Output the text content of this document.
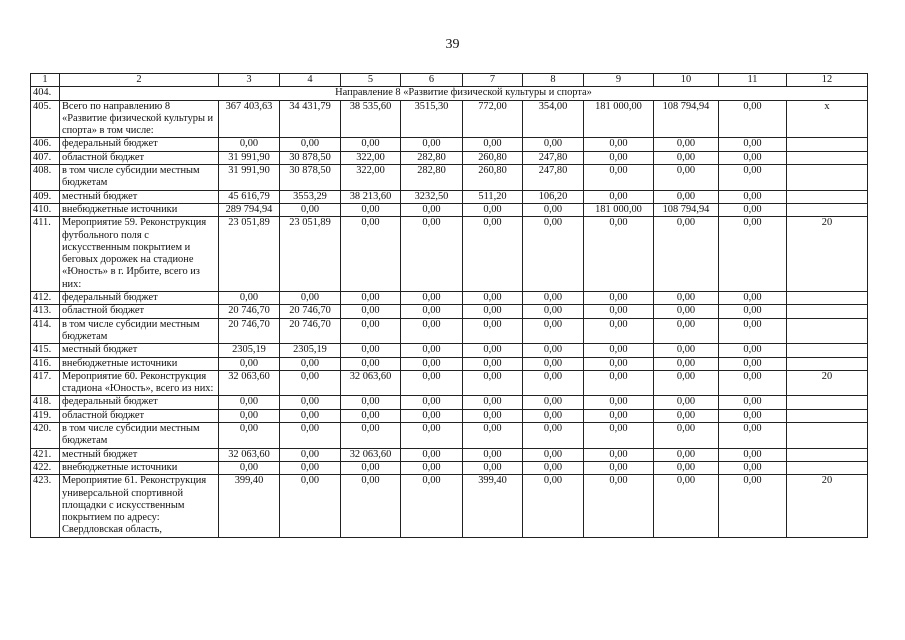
39
1	2	3	4	5	6	7	8	9	10	11	12
404.	Направление 8 «Развитие физической культуры и спорта»										
405.	Всего по направлению 8 «Развитие физической культуры и спорта» в том числе:	367 403,63	34 431,79	38 535,60	3515,30	772,00	354,00	181 000,00	108 794,94	0,00	х
406.	федеральный бюджет	0,00	0,00	0,00	0,00	0,00	0,00	0,00	0,00	0,00	
407.	областной бюджет	31 991,90	30 878,50	322,00	282,80	260,80	247,80	0,00	0,00	0,00	
408.	в том числе субсидии местным бюджетам	31 991,90	30 878,50	322,00	282,80	260,80	247,80	0,00	0,00	0,00	
409.	местный бюджет	45 616,79	3553,29	38 213,60	3232,50	511,20	106,20	0,00	0,00	0,00	
410.	внебюджетные источники	289 794,94	0,00	0,00	0,00	0,00	0,00	181 000,00	108 794,94	0,00	
411.	Мероприятие 59. Реконструкция футбольного поля с искусственным покрытием и беговых дорожек на стадионе «Юность» в г. Ирбите, всего из них:	23 051,89	23 051,89	0,00	0,00	0,00	0,00	0,00	0,00	0,00	20
412.	федеральный бюджет	0,00	0,00	0,00	0,00	0,00	0,00	0,00	0,00	0,00	
413.	областной бюджет	20 746,70	20 746,70	0,00	0,00	0,00	0,00	0,00	0,00	0,00	
414.	в том числе субсидии местным бюджетам	20 746,70	20 746,70	0,00	0,00	0,00	0,00	0,00	0,00	0,00	
415.	местный бюджет	2305,19	2305,19	0,00	0,00	0,00	0,00	0,00	0,00	0,00	
416.	внебюджетные источники	0,00	0,00	0,00	0,00	0,00	0,00	0,00	0,00	0,00	
417.	Мероприятие 60. Реконструкция стадиона «Юность», всего из них:	32 063,60	0,00	32 063,60	0,00	0,00	0,00	0,00	0,00	0,00	20
418.	федеральный бюджет	0,00	0,00	0,00	0,00	0,00	0,00	0,00	0,00	0,00	
419.	областной бюджет	0,00	0,00	0,00	0,00	0,00	0,00	0,00	0,00	0,00	
420.	в том числе субсидии местным бюджетам	0,00	0,00	0,00	0,00	0,00	0,00	0,00	0,00	0,00	
421.	местный бюджет	32 063,60	0,00	32 063,60	0,00	0,00	0,00	0,00	0,00	0,00	
422.	внебюджетные источники	0,00	0,00	0,00	0,00	0,00	0,00	0,00	0,00	0,00	
423.	Мероприятие 61. Реконструкция универсальной спортивной площадки с искусственным покрытием по адресу: Свердловская область,	399,40	0,00	0,00	0,00	399,40	0,00	0,00	0,00	0,00	20
